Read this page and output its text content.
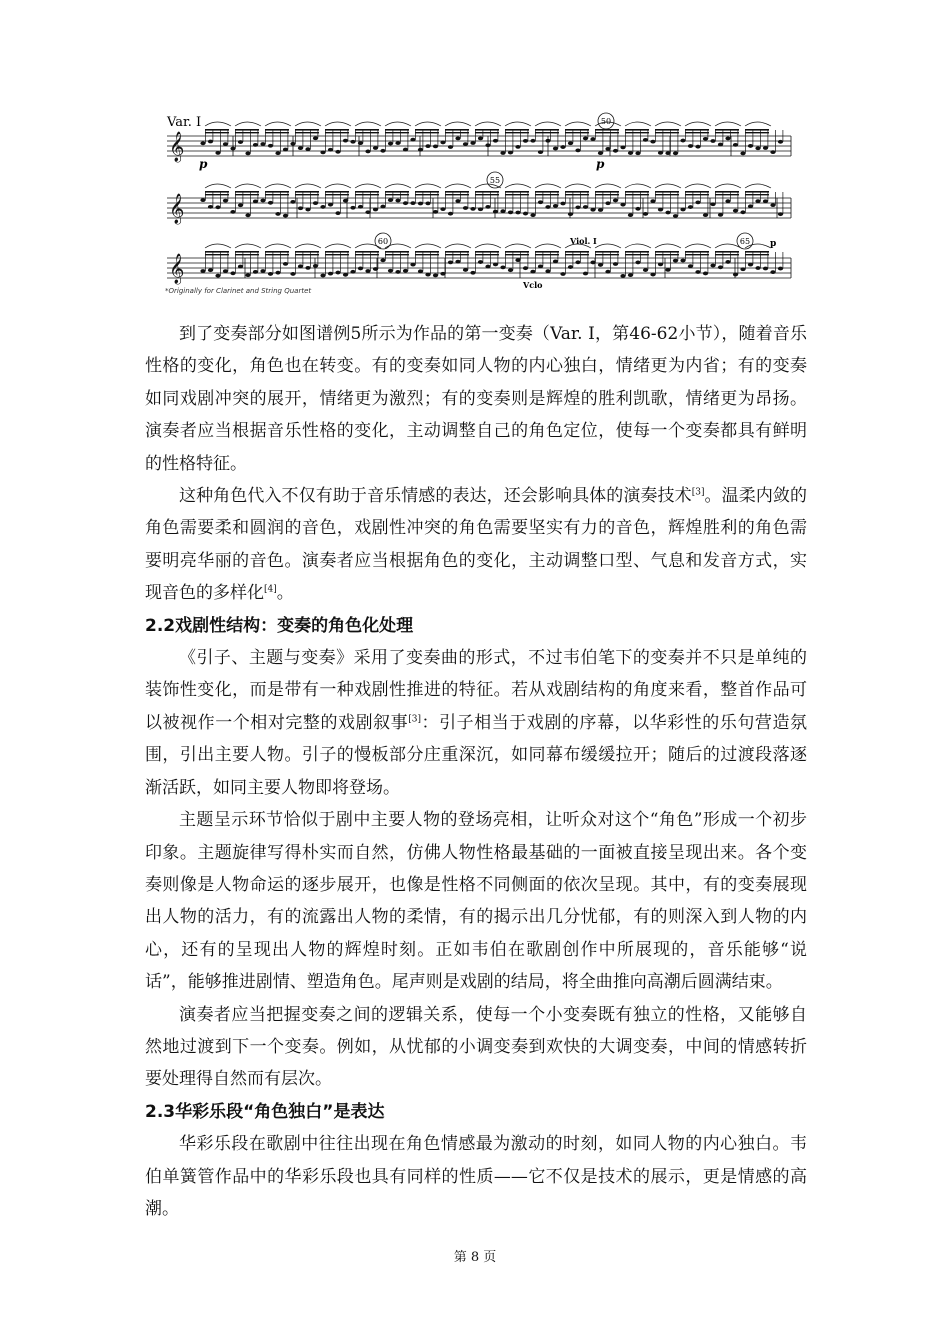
𝄞
𝄞
𝄞
Var. I
p	p
p
50
55
60	65
Viol. I
Vclo
*Originally for Clarinet and String Quartet

到了变奏部分如图谱例5所示为作品的第一变奏（Var. I，第46-62小节），随着音乐性格的变化，角色也在转变。有的变奏如同人物的内心独白，情绪更为内省；有的变奏如同戏剧冲突的展开，情绪更为激烈；有的变奏则是辉煌的胜利凯歌，情绪更为昂扬。演奏者应当根据音乐性格的变化，主动调整自己的角色定位，使每一个变奏都具有鲜明的性格特征。

这种角色代入不仅有助于音乐情感的表达，还会影响具体的演奏技术[3]。温柔内敛的角色需要柔和圆润的音色，戏剧性冲突的角色需要坚实有力的音色，辉煌胜利的角色需要明亮华丽的音色。演奏者应当根据角色的变化，主动调整口型、气息和发音方式，实现音色的多样化[4]。

2.2戏剧性结构：变奏的角色化处理

《引子、主题与变奏》采用了变奏曲的形式，不过韦伯笔下的变奏并不只是单纯的装饰性变化，而是带有一种戏剧性推进的特征。若从戏剧结构的角度来看，整首作品可以被视作一个相对完整的戏剧叙事[3]：引子相当于戏剧的序幕，以华彩性的乐句营造氛围，引出主要人物。引子的慢板部分庄重深沉，如同幕布缓缓拉开；随后的过渡段落逐渐活跃，如同主要人物即将登场。

主题呈示环节恰似于剧中主要人物的登场亮相，让听众对这个“角色”形成一个初步印象。主题旋律写得朴实而自然，仿佛人物性格最基础的一面被直接呈现出来。各个变奏则像是人物命运的逐步展开，也像是性格不同侧面的依次呈现。其中，有的变奏展现出人物的活力，有的流露出人物的柔情，有的揭示出几分忧郁，有的则深入到人物的内心，还有的呈现出人物的辉煌时刻。正如韦伯在歌剧创作中所展现的，音乐能够“说话”，能够推进剧情、塑造角色。尾声则是戏剧的结局，将全曲推向高潮后圆满结束。

演奏者应当把握变奏之间的逻辑关系，使每一个小变奏既有独立的性格，又能够自然地过渡到下一个变奏。例如，从忧郁的小调变奏到欢快的大调变奏，中间的情感转折要处理得自然而有层次。

2.3华彩乐段“角色独白”是表达

华彩乐段在歌剧中往往出现在角色情感最为激动的时刻，如同人物的内心独白。韦伯单簧管作品中的华彩乐段也具有同样的性质——它不仅是技术的展示，更是情感的高潮。

第 8 页
